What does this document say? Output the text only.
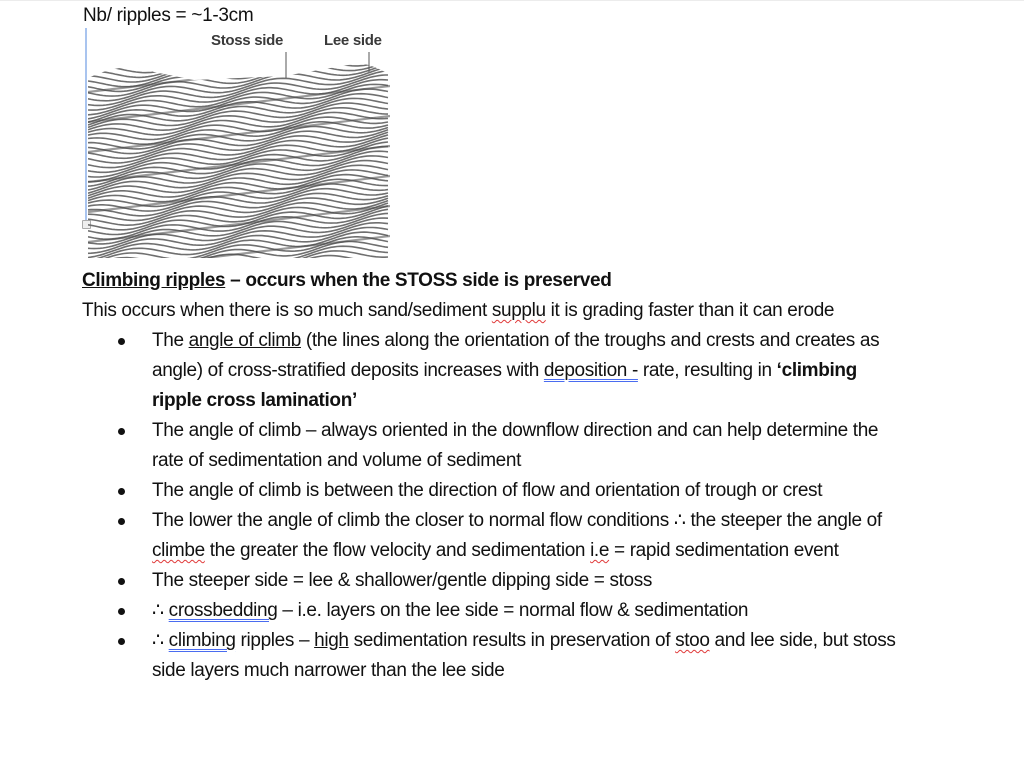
Nb/ ripples = ~1-3cm
Stoss side	Lee side

Climbing ripples – occurs when the STOSS side is preserved

This occurs when there is so much sand/sediment supplu it is grading faster than it can erode

The angle of climb (the lines along the orientation of the troughs and crests and creates as angle) of cross-stratified deposits increases with deposition - rate, resulting in ‘climbing ripple cross lamination’
The angle of climb – always oriented in the downflow direction and can help determine the rate of sedimentation and volume of sediment
The angle of climb is between the direction of flow and orientation of trough or crest
The lower the angle of climb the closer to normal flow conditions ∴ the steeper the angle of climbe the greater the flow velocity and sedimentation i.e = rapid sedimentation event
The steeper side = lee & shallower/gentle dipping side = stoss
∴ crossbedding – i.e. layers on the lee side = normal flow & sedimentation
∴ climbing ripples – high sedimentation results in preservation of stoo and lee side, but stoss side layers much narrower than the lee side
